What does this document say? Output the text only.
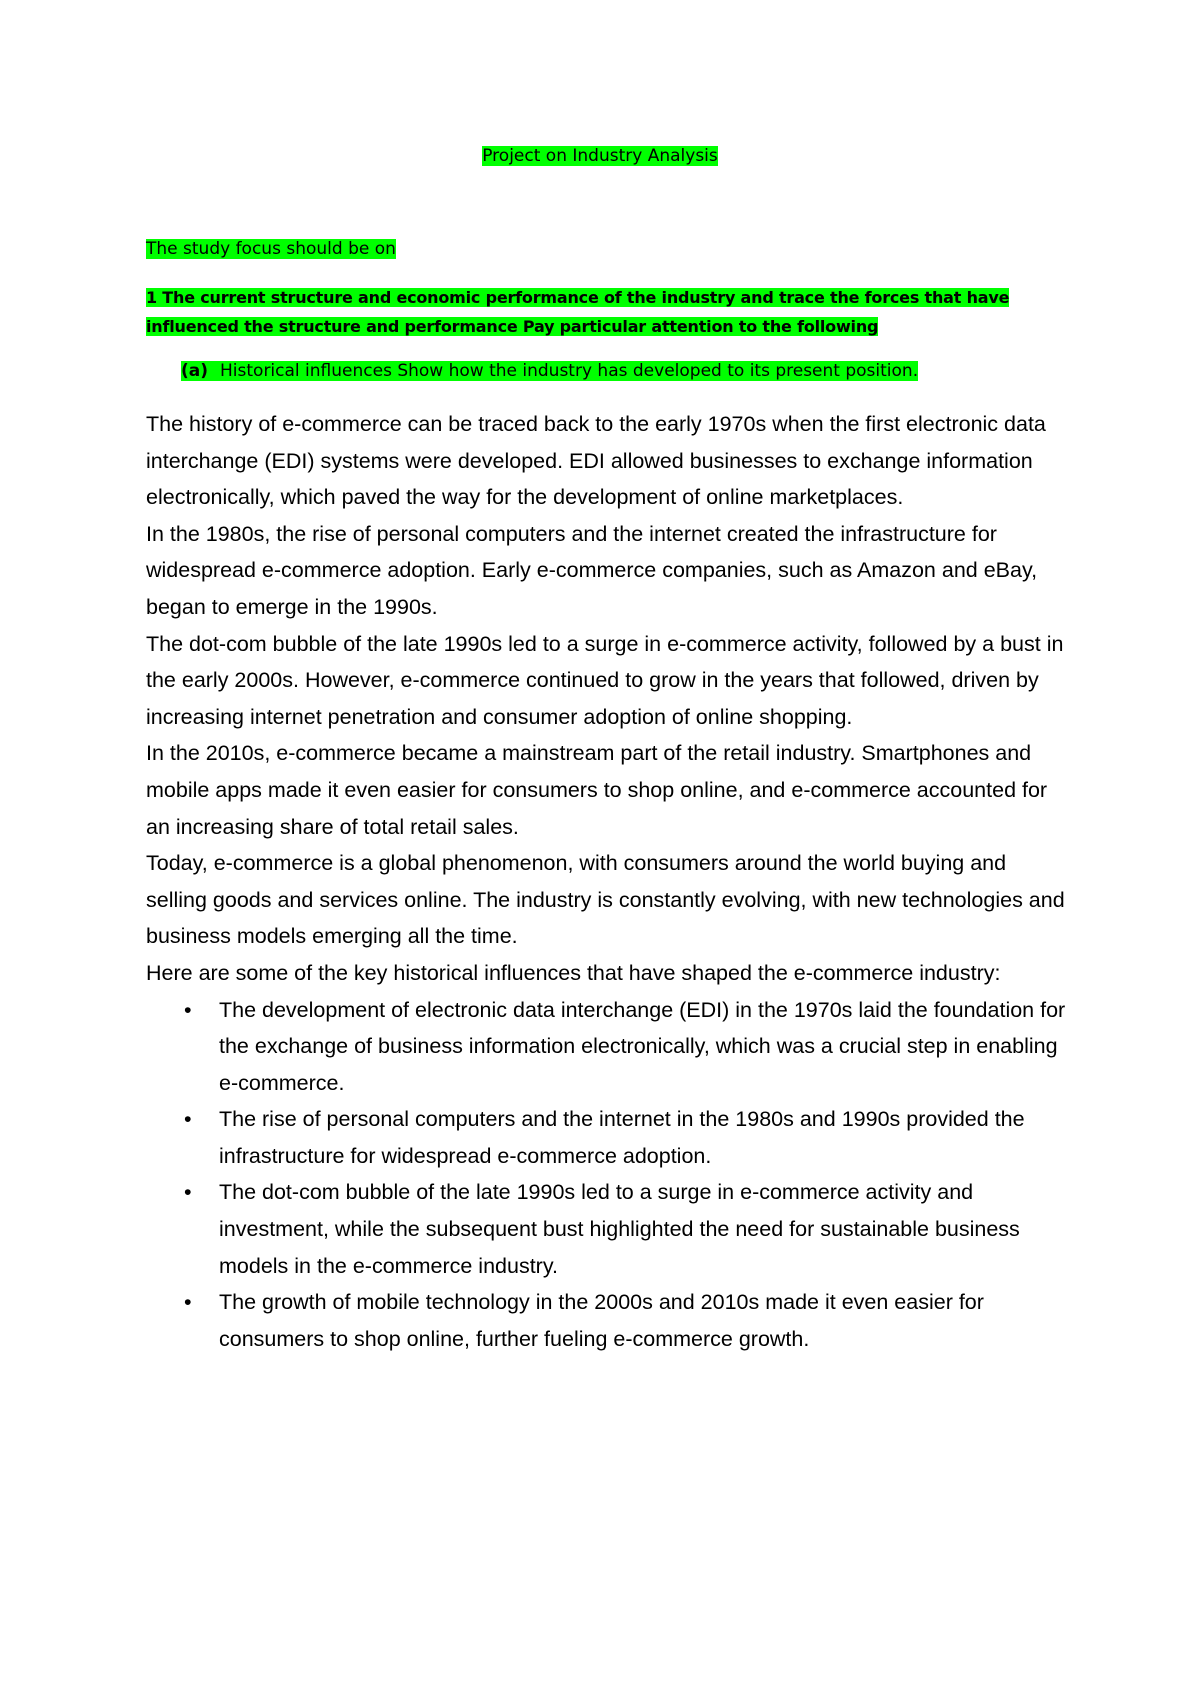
Project on Industry Analysis
The study focus should be on
1 The current structure and economic performance of the industry and trace the forces that have influenced the structure and performance Pay particular attention to the following
(a) Historical influences Show how the industry has developed to its present position.

The history of e-commerce can be traced back to the early 1970s when the first electronic data interchange (EDI) systems were developed. EDI allowed businesses to exchange information electronically, which paved the way for the development of online marketplaces.

In the 1980s, the rise of personal computers and the internet created the infrastructure for widespread e-commerce adoption. Early e-commerce companies, such as Amazon and eBay, began to emerge in the 1990s.

The dot-com bubble of the late 1990s led to a surge in e-commerce activity, followed by a bust in the early 2000s. However, e-commerce continued to grow in the years that followed, driven by increasing internet penetration and consumer adoption of online shopping.

In the 2010s, e-commerce became a mainstream part of the retail industry. Smartphones and mobile apps made it even easier for consumers to shop online, and e-commerce accounted for an increasing share of total retail sales.

Today, e-commerce is a global phenomenon, with consumers around the world buying and selling goods and services online. The industry is constantly evolving, with new technologies and business models emerging all the time.

Here are some of the key historical influences that have shaped the e-commerce industry:

• The development of electronic data interchange (EDI) in the 1970s laid the foundation for the exchange of business information electronically, which was a crucial step in enabling e-commerce.
• The rise of personal computers and the internet in the 1980s and 1990s provided the infrastructure for widespread e-commerce adoption.
• The dot-com bubble of the late 1990s led to a surge in e-commerce activity and investment, while the subsequent bust highlighted the need for sustainable business models in the e-commerce industry.
• The growth of mobile technology in the 2000s and 2010s made it even easier for consumers to shop online, further fueling e-commerce growth.
